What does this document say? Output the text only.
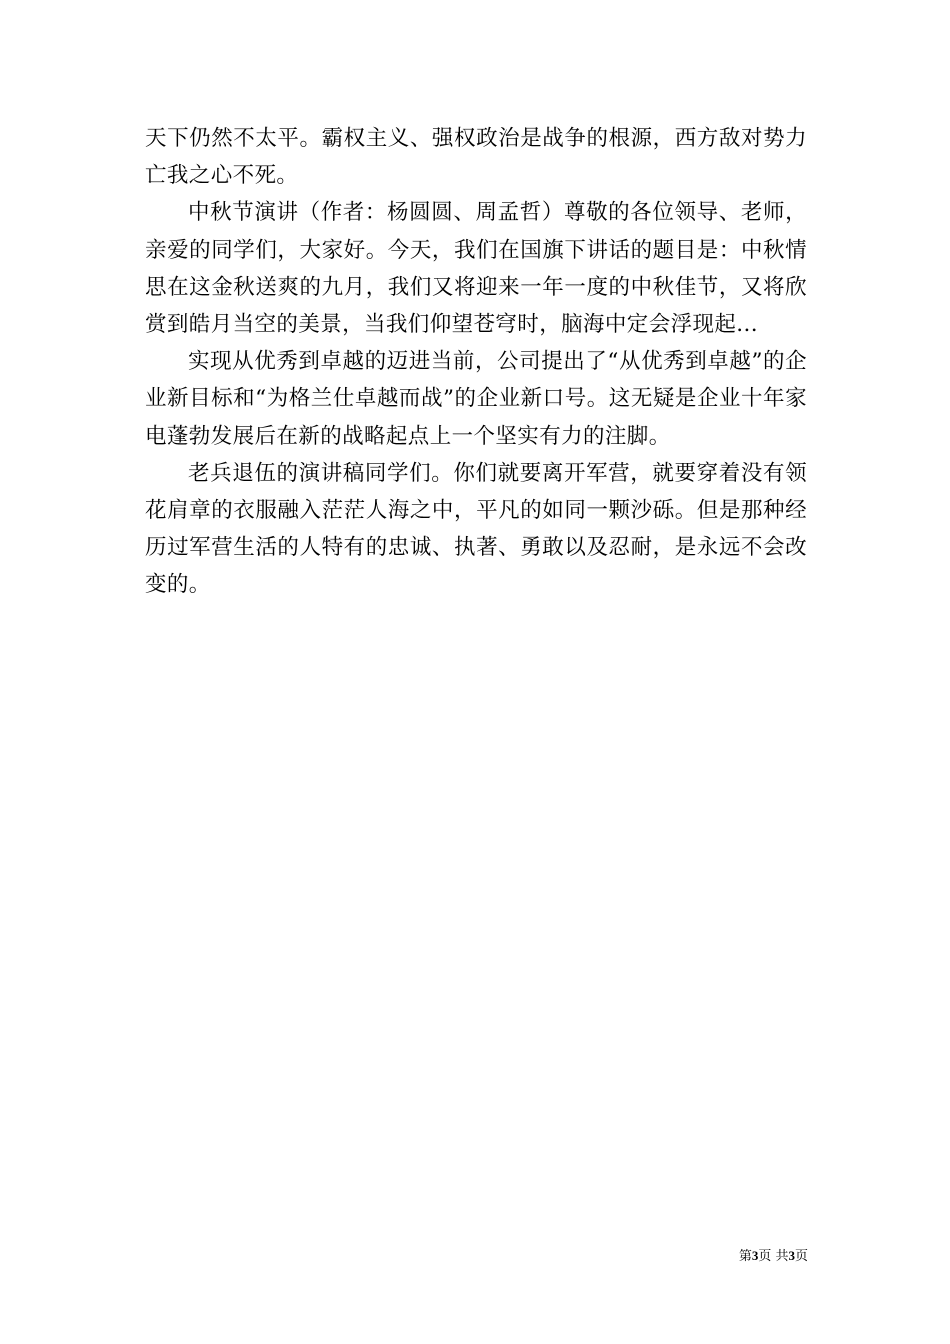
天下仍然不太平。霸权主义、强权政治是战争的根源，西方敌对势力亡我之心不死。

中秋节演讲（作者：杨圆圆、周孟哲）尊敬的各位领导、老师，亲爱的同学们，大家好。今天，我们在国旗下讲话的题目是：中秋情思在这金秋送爽的九月，我们又将迎来一年一度的中秋佳节，又将欣赏到皓月当空的美景，当我们仰望苍穹时，脑海中定会浮现起...

实现从优秀到卓越的迈进当前，公司提出了“从优秀到卓越”的企业新目标和“为格兰仕卓越而战”的企业新口号。这无疑是企业十年家电蓬勃发展后在新的战略起点上一个坚实有力的注脚。

老兵退伍的演讲稿同学们。你们就要离开军营，就要穿着没有领花肩章的衣服融入茫茫人海之中，平凡的如同一颗沙砾。但是那种经历过军营生活的人特有的忠诚、执著、勇敢以及忍耐，是永远不会改变的。

第3页 共3页
